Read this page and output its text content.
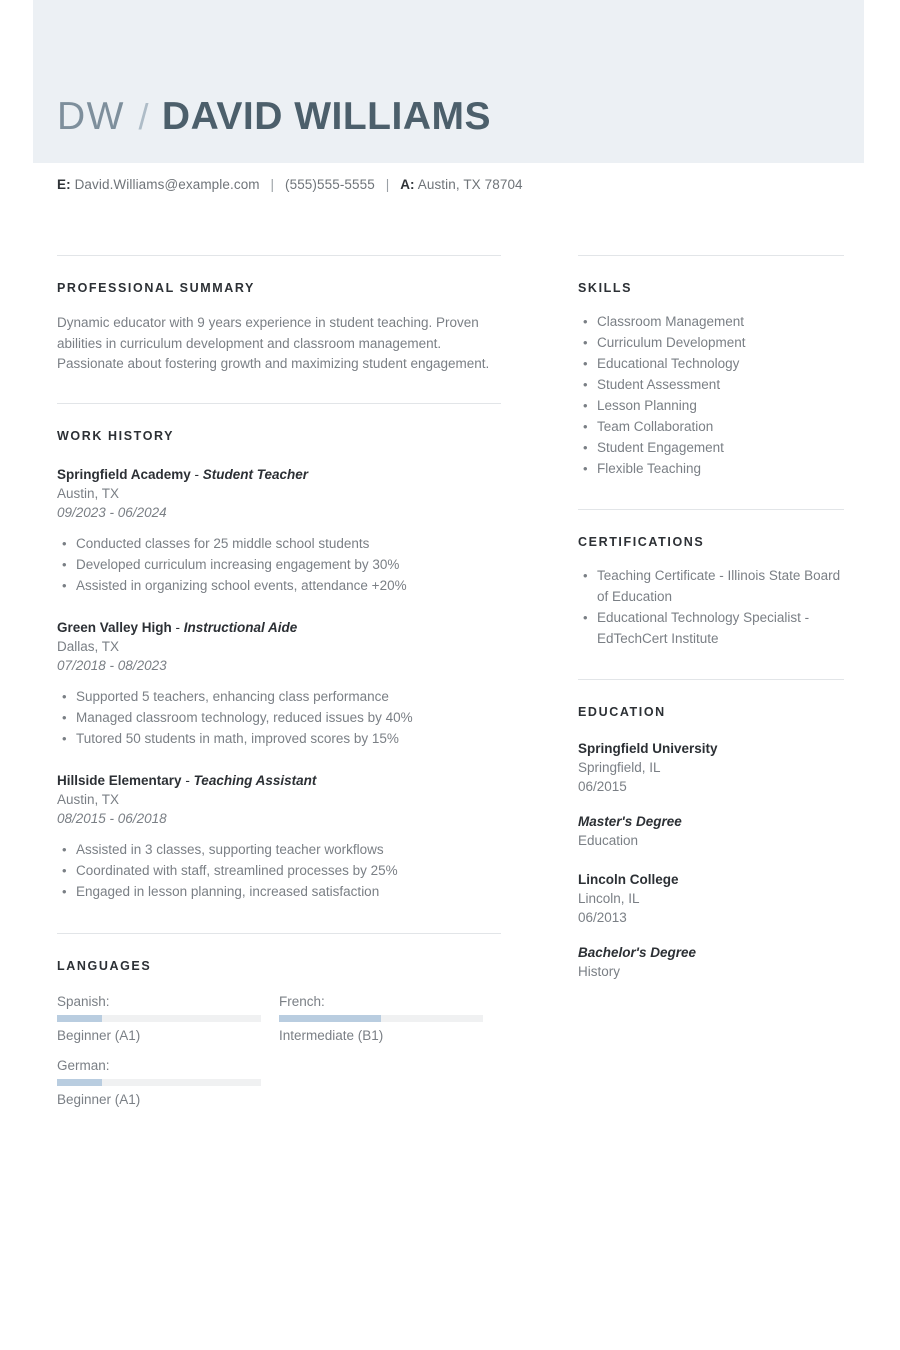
DW / DAVID WILLIAMS
E: David.Williams@example.com | (555)555-5555 | A: Austin, TX 78704
PROFESSIONAL SUMMARY
Dynamic educator with 9 years experience in student teaching. Proven abilities in curriculum development and classroom management. Passionate about fostering growth and maximizing student engagement.
WORK HISTORY
Springfield Academy - Student Teacher
Austin, TX
09/2023 - 06/2024
• Conducted classes for 25 middle school students
• Developed curriculum increasing engagement by 30%
• Assisted in organizing school events, attendance +20%
Green Valley High - Instructional Aide
Dallas, TX
07/2018 - 08/2023
• Supported 5 teachers, enhancing class performance
• Managed classroom technology, reduced issues by 40%
• Tutored 50 students in math, improved scores by 15%
Hillside Elementary - Teaching Assistant
Austin, TX
08/2015 - 06/2018
• Assisted in 3 classes, supporting teacher workflows
• Coordinated with staff, streamlined processes by 25%
• Engaged in lesson planning, increased satisfaction
LANGUAGES
Spanish:
Beginner (A1)
French:
Intermediate (B1)
German:
Beginner (A1)
SKILLS
• Classroom Management
• Curriculum Development
• Educational Technology
• Student Assessment
• Lesson Planning
• Team Collaboration
• Student Engagement
• Flexible Teaching
CERTIFICATIONS
• Teaching Certificate - Illinois State Board of Education
• Educational Technology Specialist - EdTechCert Institute
EDUCATION
Springfield University
Springfield, IL
06/2015
Master's Degree
Education
Lincoln College
Lincoln, IL
06/2013
Bachelor's Degree
History
